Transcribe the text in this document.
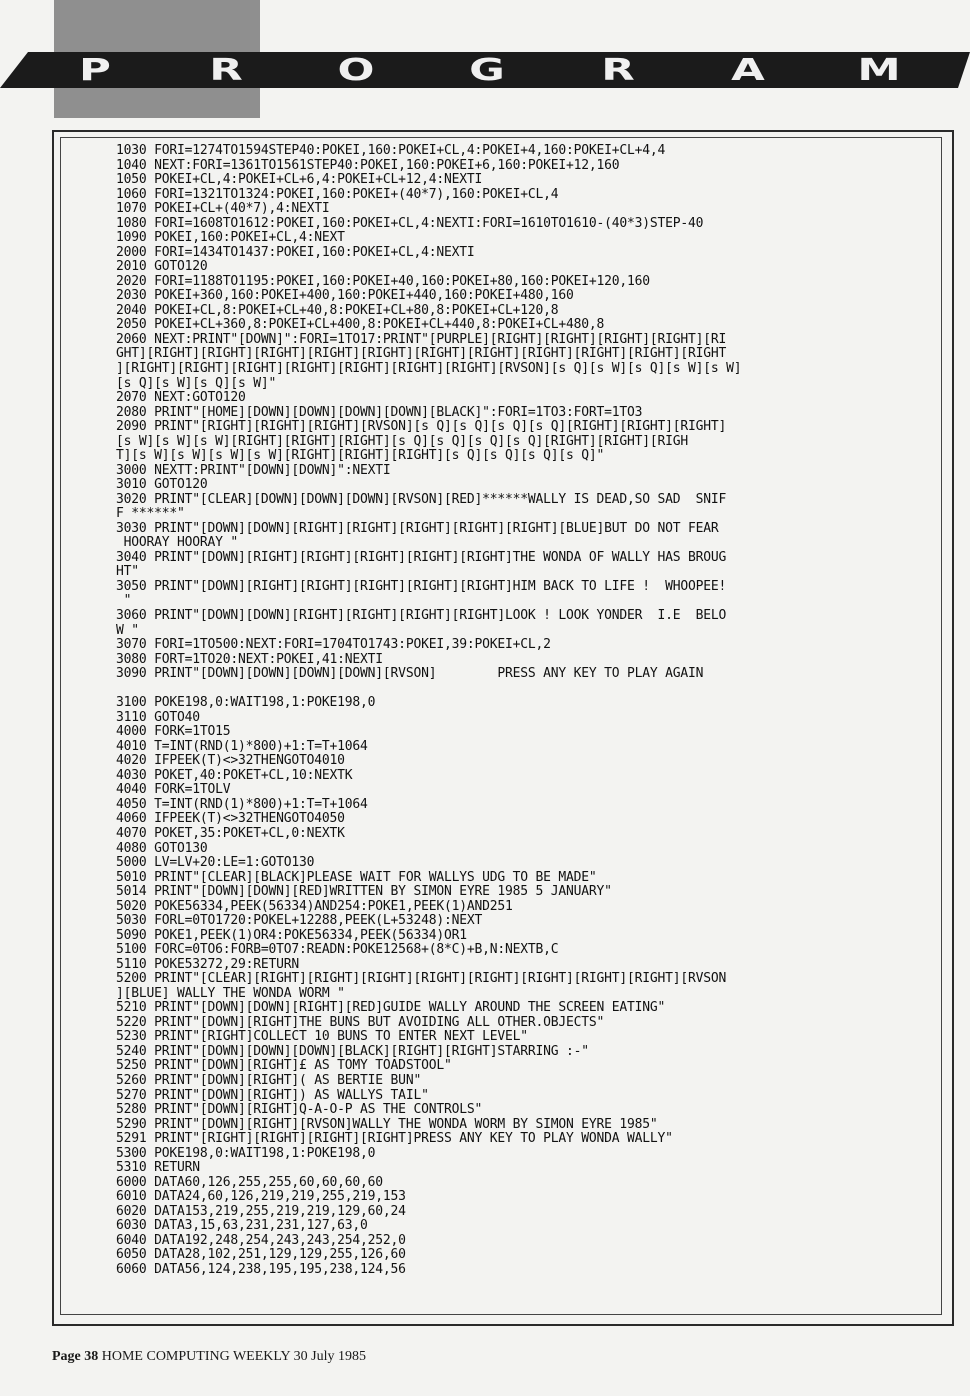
P	R	O	G	R	A	M
1030 FORI=1274TO1594STEP40:POKEI,160:POKEI+CL,4:POKEI+4,160:POKEI+CL+4,4
1040 NEXT:FORI=1361TO1561STEP40:POKEI,160:POKEI+6,160:POKEI+12,160
1050 POKEI+CL,4:POKEI+CL+6,4:POKEI+CL+12,4:NEXTI
1060 FORI=1321TO1324:POKEI,160:POKEI+(40*7),160:POKEI+CL,4
1070 POKEI+CL+(40*7),4:NEXTI
1080 FORI=1608TO1612:POKEI,160:POKEI+CL,4:NEXTI:FORI=1610TO1610-(40*3)STEP-40
1090 POKEI,160:POKEI+CL,4:NEXT
2000 FORI=1434TO1437:POKEI,160:POKEI+CL,4:NEXTI
2010 GOTO120
2020 FORI=1188TO1195:POKEI,160:POKEI+40,160:POKEI+80,160:POKEI+120,160
2030 POKEI+360,160:POKEI+400,160:POKEI+440,160:POKEI+480,160
2040 POKEI+CL,8:POKEI+CL+40,8:POKEI+CL+80,8:POKEI+CL+120,8
2050 POKEI+CL+360,8:POKEI+CL+400,8:POKEI+CL+440,8:POKEI+CL+480,8
2060 NEXT:PRINT"[DOWN]":FORI=1TO17:PRINT"[PURPLE][RIGHT][RIGHT][RIGHT][RIGHT][RI
GHT][RIGHT][RIGHT][RIGHT][RIGHT][RIGHT][RIGHT][RIGHT][RIGHT][RIGHT][RIGHT][RIGHT
][RIGHT][RIGHT][RIGHT][RIGHT][RIGHT][RIGHT][RIGHT][RVSON][s Q][s W][s Q][s W][s W]
[s Q][s W][s Q][s W]"
2070 NEXT:GOTO120
2080 PRINT"[HOME][DOWN][DOWN][DOWN][DOWN][BLACK]":FORI=1TO3:FORT=1TO3
2090 PRINT"[RIGHT][RIGHT][RIGHT][RVSON][s Q][s Q][s Q][s Q][RIGHT][RIGHT][RIGHT]
[s W][s W][s W][RIGHT][RIGHT][RIGHT][s Q][s Q][s Q][s Q][RIGHT][RIGHT][RIGH
T][s W][s W][s W][s W][RIGHT][RIGHT][RIGHT][s Q][s Q][s Q][s Q]"
3000 NEXTT:PRINT"[DOWN][DOWN]":NEXTI
3010 GOTO120
3020 PRINT"[CLEAR][DOWN][DOWN][DOWN][RVSON][RED]******WALLY IS DEAD,SO SAD  SNIF
F ******"
3030 PRINT"[DOWN][DOWN][RIGHT][RIGHT][RIGHT][RIGHT][RIGHT][BLUE]BUT DO NOT FEAR
HOORAY HOORAY "
3040 PRINT"[DOWN][RIGHT][RIGHT][RIGHT][RIGHT][RIGHT]THE WONDA OF WALLY HAS BROUG
HT"
3050 PRINT"[DOWN][RIGHT][RIGHT][RIGHT][RIGHT][RIGHT]HIM BACK TO LIFE !  WHOOPEE!
"
3060 PRINT"[DOWN][DOWN][RIGHT][RIGHT][RIGHT][RIGHT]LOOK ! LOOK YONDER  I.E  BELO
W "
3070 FORI=1TO500:NEXT:FORI=1704TO1743:POKEI,39:POKEI+CL,2
3080 FORT=1TO20:NEXT:POKEI,41:NEXTI
3090 PRINT"[DOWN][DOWN][DOWN][DOWN][RVSON]        PRESS ANY KEY TO PLAY AGAIN

3100 POKE198,0:WAIT198,1:POKE198,0
3110 GOTO40
4000 FORK=1TO15
4010 T=INT(RND(1)*800)+1:T=T+1064
4020 IFPEEK(T)<>32THENGOTO4010
4030 POKET,40:POKET+CL,10:NEXTK
4040 FORK=1TOLV
4050 T=INT(RND(1)*800)+1:T=T+1064
4060 IFPEEK(T)<>32THENGOTO4050
4070 POKET,35:POKET+CL,0:NEXTK
4080 GOTO130
5000 LV=LV+20:LE=1:GOTO130
5010 PRINT"[CLEAR][BLACK]PLEASE WAIT FOR WALLYS UDG TO BE MADE"
5014 PRINT"[DOWN][DOWN][RED]WRITTEN BY SIMON EYRE 1985 5 JANUARY"
5020 POKE56334,PEEK(56334)AND254:POKE1,PEEK(1)AND251
5030 FORL=0TO1720:POKEL+12288,PEEK(L+53248):NEXT
5090 POKE1,PEEK(1)OR4:POKE56334,PEEK(56334)OR1
5100 FORC=0TO6:FORB=0TO7:READN:POKE12568+(8*C)+B,N:NEXTB,C
5110 POKE53272,29:RETURN
5200 PRINT"[CLEAR][RIGHT][RIGHT][RIGHT][RIGHT][RIGHT][RIGHT][RIGHT][RIGHT][RVSON
][BLUE] WALLY THE WONDA WORM "
5210 PRINT"[DOWN][DOWN][RIGHT][RED]GUIDE WALLY AROUND THE SCREEN EATING"
5220 PRINT"[DOWN][RIGHT]THE BUNS BUT AVOIDING ALL OTHER.OBJECTS"
5230 PRINT"[RIGHT]COLLECT 10 BUNS TO ENTER NEXT LEVEL"
5240 PRINT"[DOWN][DOWN][DOWN][BLACK][RIGHT][RIGHT]STARRING :-"
5250 PRINT"[DOWN][RIGHT]£ AS TOMY TOADSTOOL"
5260 PRINT"[DOWN][RIGHT]( AS BERTIE BUN"
5270 PRINT"[DOWN][RIGHT]) AS WALLYS TAIL"
5280 PRINT"[DOWN][RIGHT]Q-A-O-P AS THE CONTROLS"
5290 PRINT"[DOWN][RIGHT][RVSON]WALLY THE WONDA WORM BY SIMON EYRE 1985"
5291 PRINT"[RIGHT][RIGHT][RIGHT][RIGHT]PRESS ANY KEY TO PLAY WONDA WALLY"
5300 POKE198,0:WAIT198,1:POKE198,0
5310 RETURN
6000 DATA60,126,255,255,60,60,60,60
6010 DATA24,60,126,219,219,255,219,153
6020 DATA153,219,255,219,219,129,60,24
6030 DATA3,15,63,231,231,127,63,0
6040 DATA192,248,254,243,243,254,252,0
6050 DATA28,102,251,129,129,255,126,60
6060 DATA56,124,238,195,195,238,124,56
Page 38 HOME COMPUTING WEEKLY 30 July 1985
